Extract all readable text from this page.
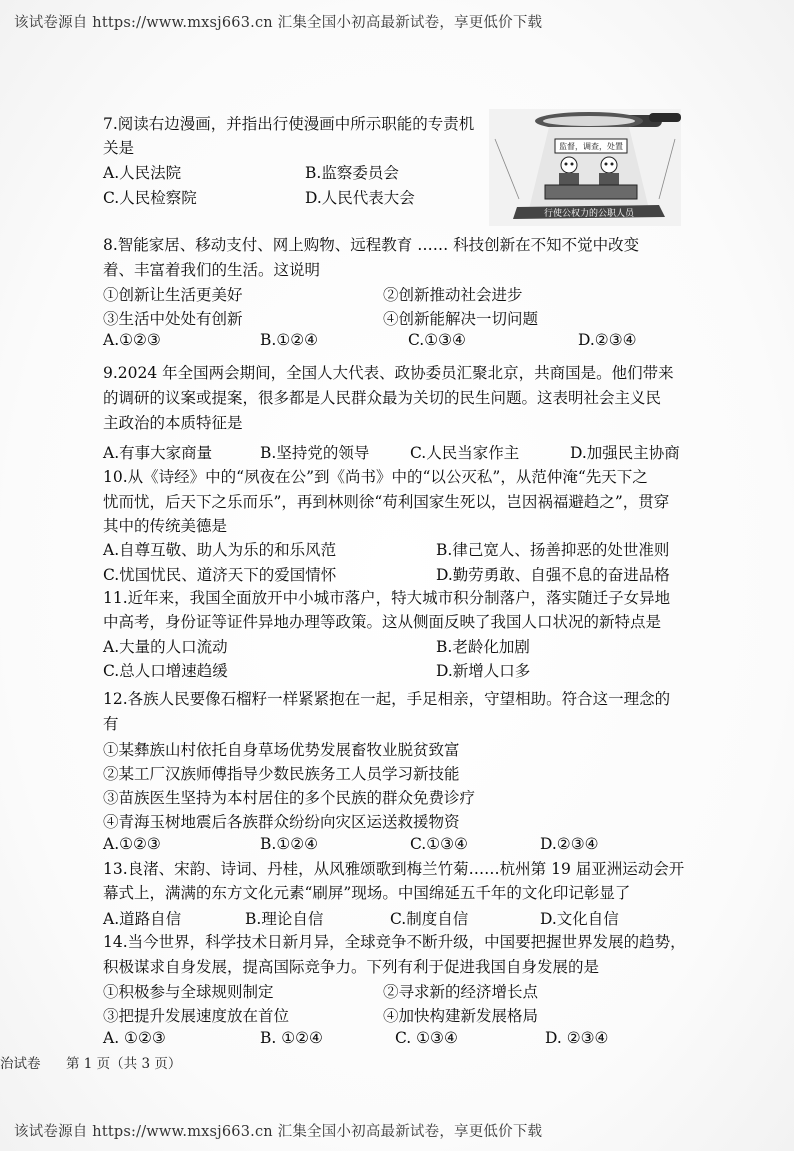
该试卷源自 https://www.mxsj663.cn 汇集全国小初高最新试卷，享更低价下载
7.阅读右边漫画，并指出行使漫画中所示职能的专责机
关是
A.人民法院	B.监察委员会
C.人民检察院	D.人民代表大会
监督，调查，处置
行使公权力的公职人员
8.智能家居、移动支付、网上购物、远程教育 …… 科技创新在不知不觉中改变
着、丰富着我们的生活。这说明
①创新让生活更美好	②创新推动社会进步
③生活中处处有创新	④创新能解决一切问题
A.①②③	B.①②④	C.①③④	D.②③④
9.2024 年全国两会期间，全国人大代表、政协委员汇聚北京，共商国是。他们带来
的调研的议案或提案，很多都是人民群众最为关切的民生问题。这表明社会主义民
主政治的本质特征是
A.有事大家商量	B.坚持党的领导	C.人民当家作主	D.加强民主协商
10.从《诗经》中的“夙夜在公”到《尚书》中的“以公灭私”，从范仲淹“先天下之
忧而忧，后天下之乐而乐”，再到林则徐“苟利国家生死以，岂因祸福避趋之”，贯穿
其中的传统美德是
A.自尊互敬、助人为乐的和乐风范	B.律己宽人、扬善抑恶的处世准则
C.忧国忧民、道济天下的爱国情怀	D.勤劳勇敢、自强不息的奋进品格
11.近年来，我国全面放开中小城市落户，特大城市积分制落户，落实随迁子女异地
中高考，身份证等证件异地办理等政策。这从侧面反映了我国人口状况的新特点是
A.大量的人口流动	B.老龄化加剧
C.总人口增速趋缓	D.新增人口多
12.各族人民要像石榴籽一样紧紧抱在一起，手足相亲，守望相助。符合这一理念的
有
①某彝族山村依托自身草场优势发展畜牧业脱贫致富
②某工厂汉族师傅指导少数民族务工人员学习新技能
③苗族医生坚持为本村居住的多个民族的群众免费诊疗
④青海玉树地震后各族群众纷纷向灾区运送救援物资
A.①②③	B.①②④	C.①③④	D.②③④
13.良渚、宋韵、诗词、丹桂，从风雅颂歌到梅兰竹菊……杭州第 19 届亚洲运动会开
幕式上，满满的东方文化元素“刷屏”现场。中国绵延五千年的文化印记彰显了
A.道路自信	B.理论自信	C.制度自信	D.文化自信
14.当今世界，科学技术日新月异，全球竞争不断升级，中国要把握世界发展的趋势，
积极谋求自身发展，提高国际竞争力。下列有利于促进我国自身发展的是
①积极参与全球规则制定	②寻求新的经济增长点
③把提升发展速度放在首位	④加快构建新发展格局
A. ①②③	B. ①②④	C. ①③④	D. ②③④
治试卷 第 1 页（共 3 页）
该试卷源自 https://www.mxsj663.cn 汇集全国小初高最新试卷，享更低价下载
